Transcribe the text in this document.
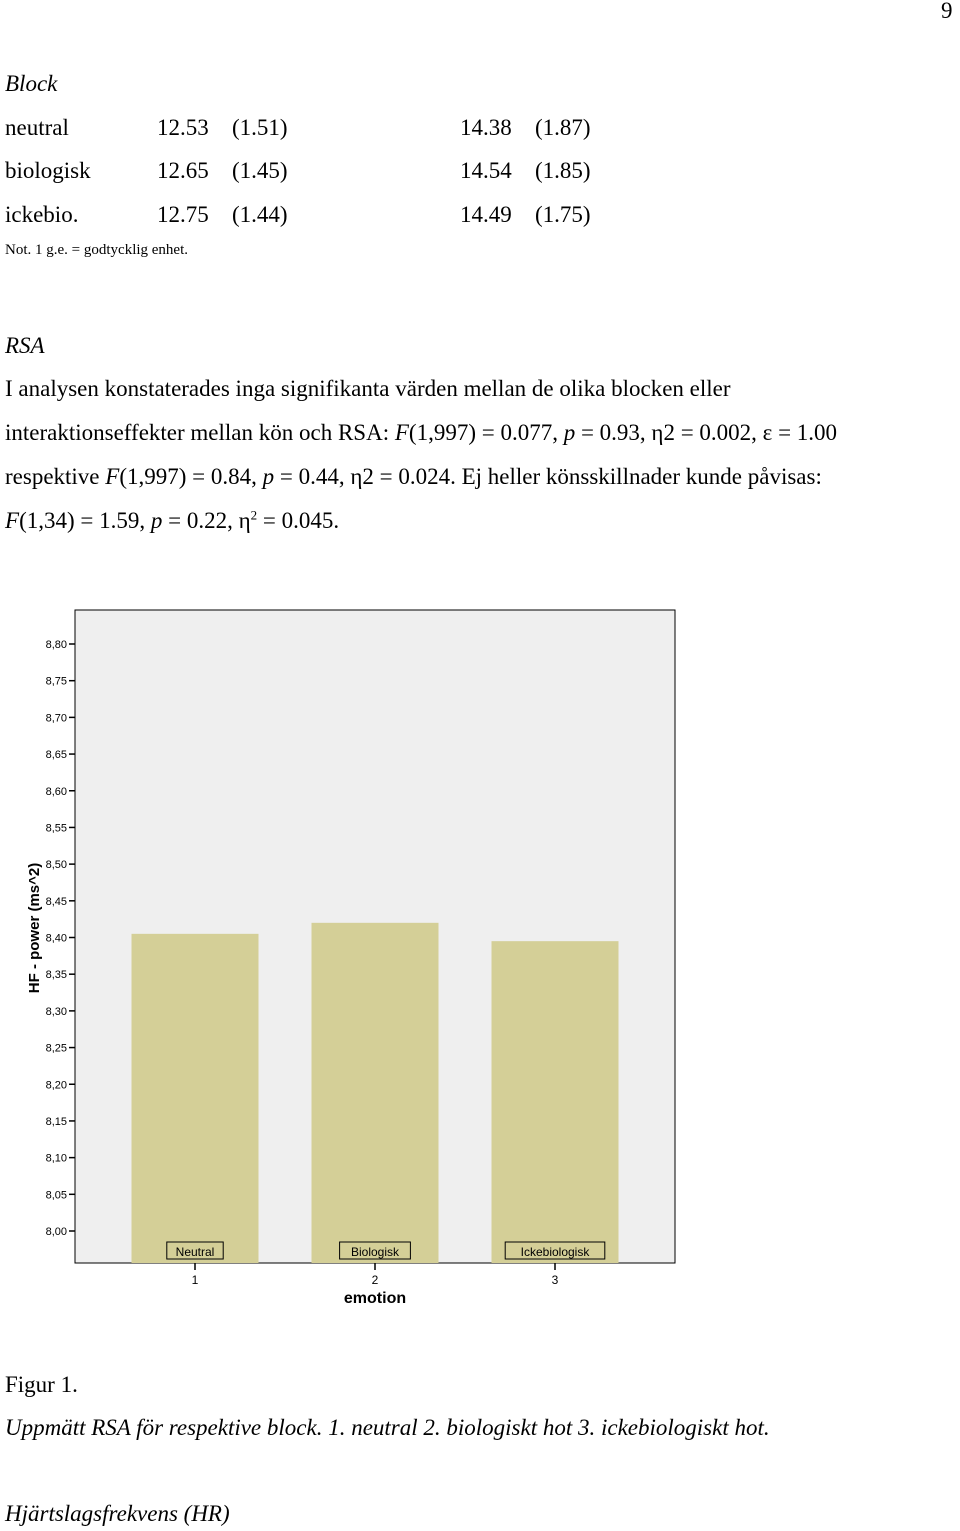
9
Block
neutral	12.53 (1.51)	14.38 (1.87)
biologisk	12.65 (1.45)	14.54 (1.85)
ickebio.	12.75 (1.44)	14.49 (1.75)
Not. 1 g.e. = godtycklig enhet.
RSA
I analysen konstaterades inga signifikanta värden mellan de olika blocken eller
interaktionseffekter mellan kön och RSA: F(1,997) = 0.077, p = 0.93, η2 = 0.002, ε = 1.00
respektive F(1,997) = 0.84, p = 0.44, η2 = 0.024. Ej heller könsskillnader kunde påvisas:
F(1,34) = 1.59, p = 0.22, $\eta^2 = 0.045$.
8,00
8,05
8,10
8,15
8,20
8,25
8,30
8,35
8,40
8,45
8,50
8,55
8,60
8,65
8,70
8,75
8,80
Neutral	Biologisk	Ickebiologisk
1	2	3
HF - power (ms^2)
emotion
Figur 1.
Uppmätt RSA för respektive block. 1. neutral 2. biologiskt hot 3. ickebiologiskt hot.
Hjärtslagsfrekvens (HR)
